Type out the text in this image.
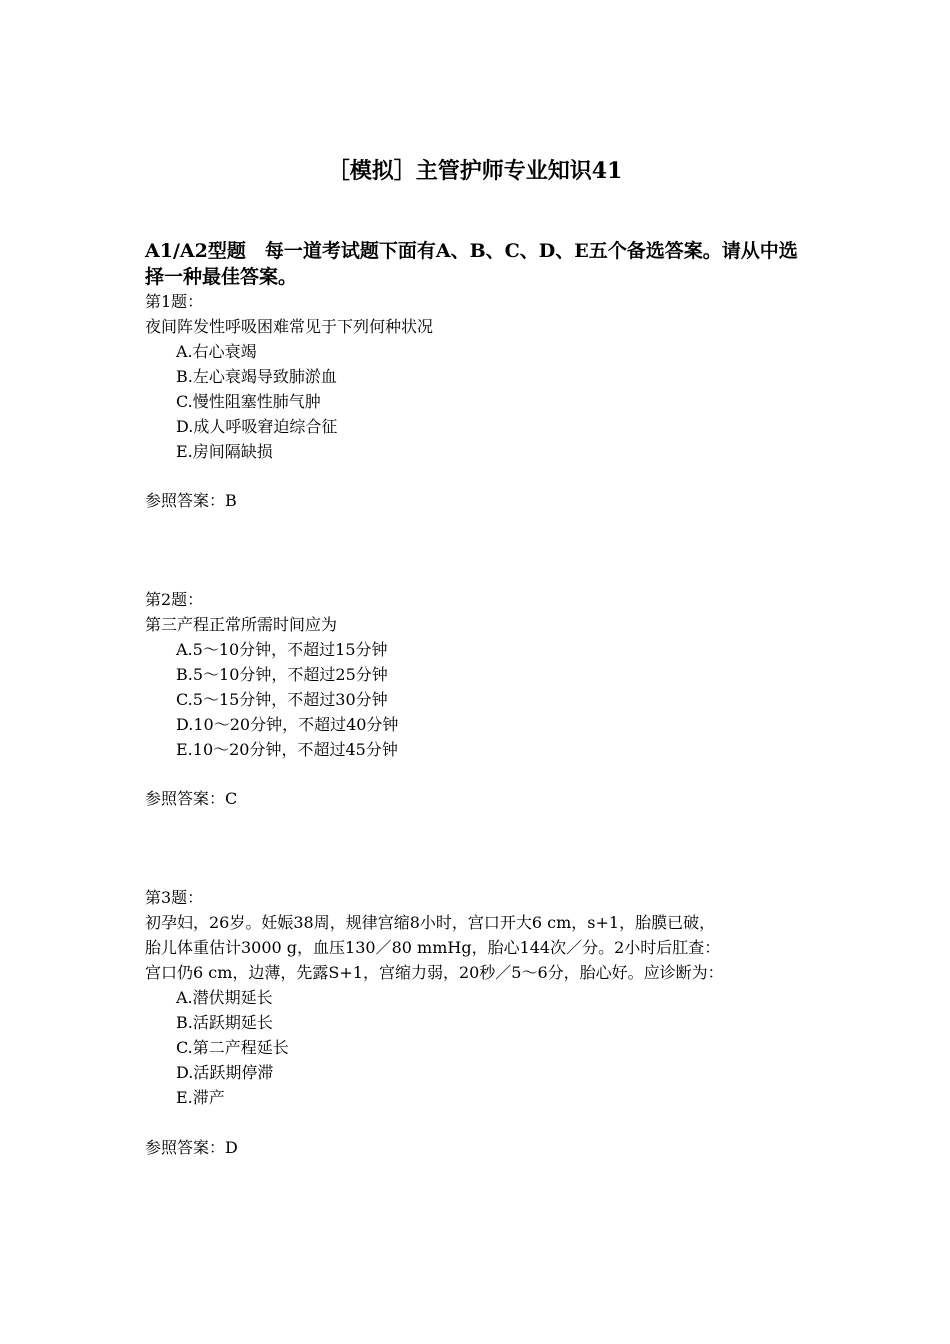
［模拟］主管护师专业知识41
A1/A2型题　每一道考试题下面有A、B、C、D、E五个备选答案。请从中选择一种最佳答案。
第1题：
夜间阵发性呼吸困难常见于下列何种状况
A.右心衰竭
B.左心衰竭导致肺淤血
C.慢性阻塞性肺气肿
D.成人呼吸窘迫综合征
E.房间隔缺损
参照答案：B
第2题：
第三产程正常所需时间应为
A.5～10分钟，不超过15分钟
B.5～10分钟，不超过25分钟
C.5～15分钟，不超过30分钟
D.10～20分钟，不超过40分钟
E.10～20分钟，不超过45分钟
参照答案：C
第3题：
初孕妇，26岁。妊娠38周，规律宫缩8小时，宫口开大6 cm，s+1，胎膜已破，
胎儿体重估计3000 g，血压130／80 mmHg，胎心144次／分。2小时后肛查：
宫口仍6 cm，边薄，先露S+1，宫缩力弱，20秒／5～6分，胎心好。应诊断为：
A.潜伏期延长
B.活跃期延长
C.第二产程延长
D.活跃期停滞
E.滞产
参照答案：D
